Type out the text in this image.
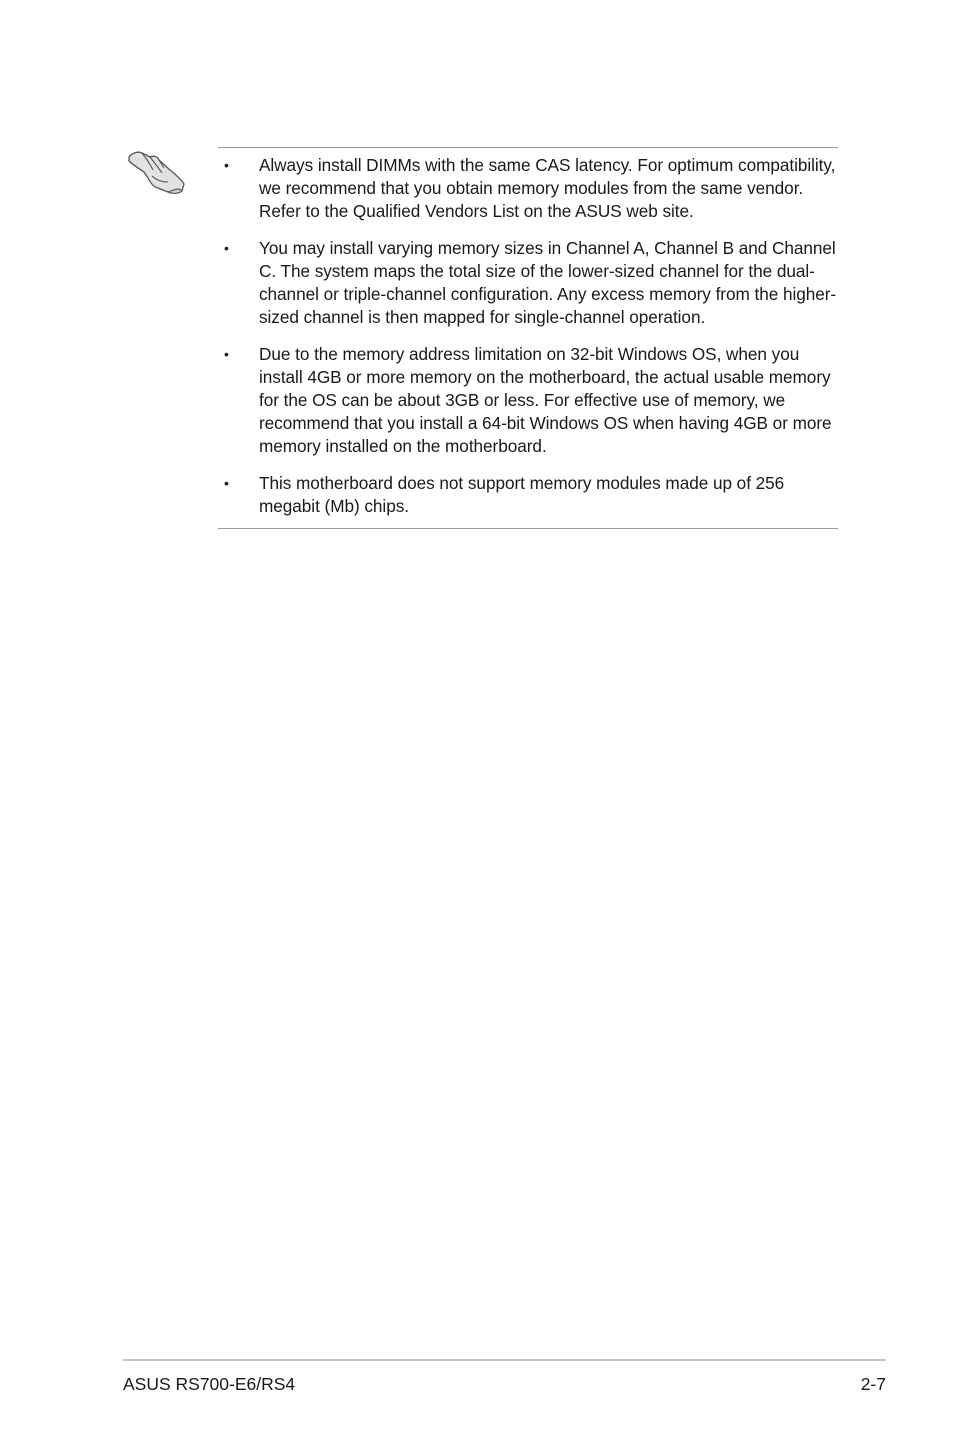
• Always install DIMMs with the same CAS latency. For optimum compatibility, we recommend that you obtain memory modules from the same vendor. Refer to the Qualified Vendors List on the ASUS web site.
• You may install varying memory sizes in Channel A, Channel B and Channel C. The system maps the total size of the lower-sized channel for the dual-channel or triple-channel configuration. Any excess memory from the higher-sized channel is then mapped for single-channel operation.
• Due to the memory address limitation on 32-bit Windows OS, when you install 4GB or more memory on the motherboard, the actual usable memory for the OS can be about 3GB or less. For effective use of memory, we recommend that you install a 64-bit Windows OS when having 4GB or more memory installed on the motherboard.
• This motherboard does not support memory modules made up of 256 megabit (Mb) chips.
ASUS RS700-E6/RS4	2-7
